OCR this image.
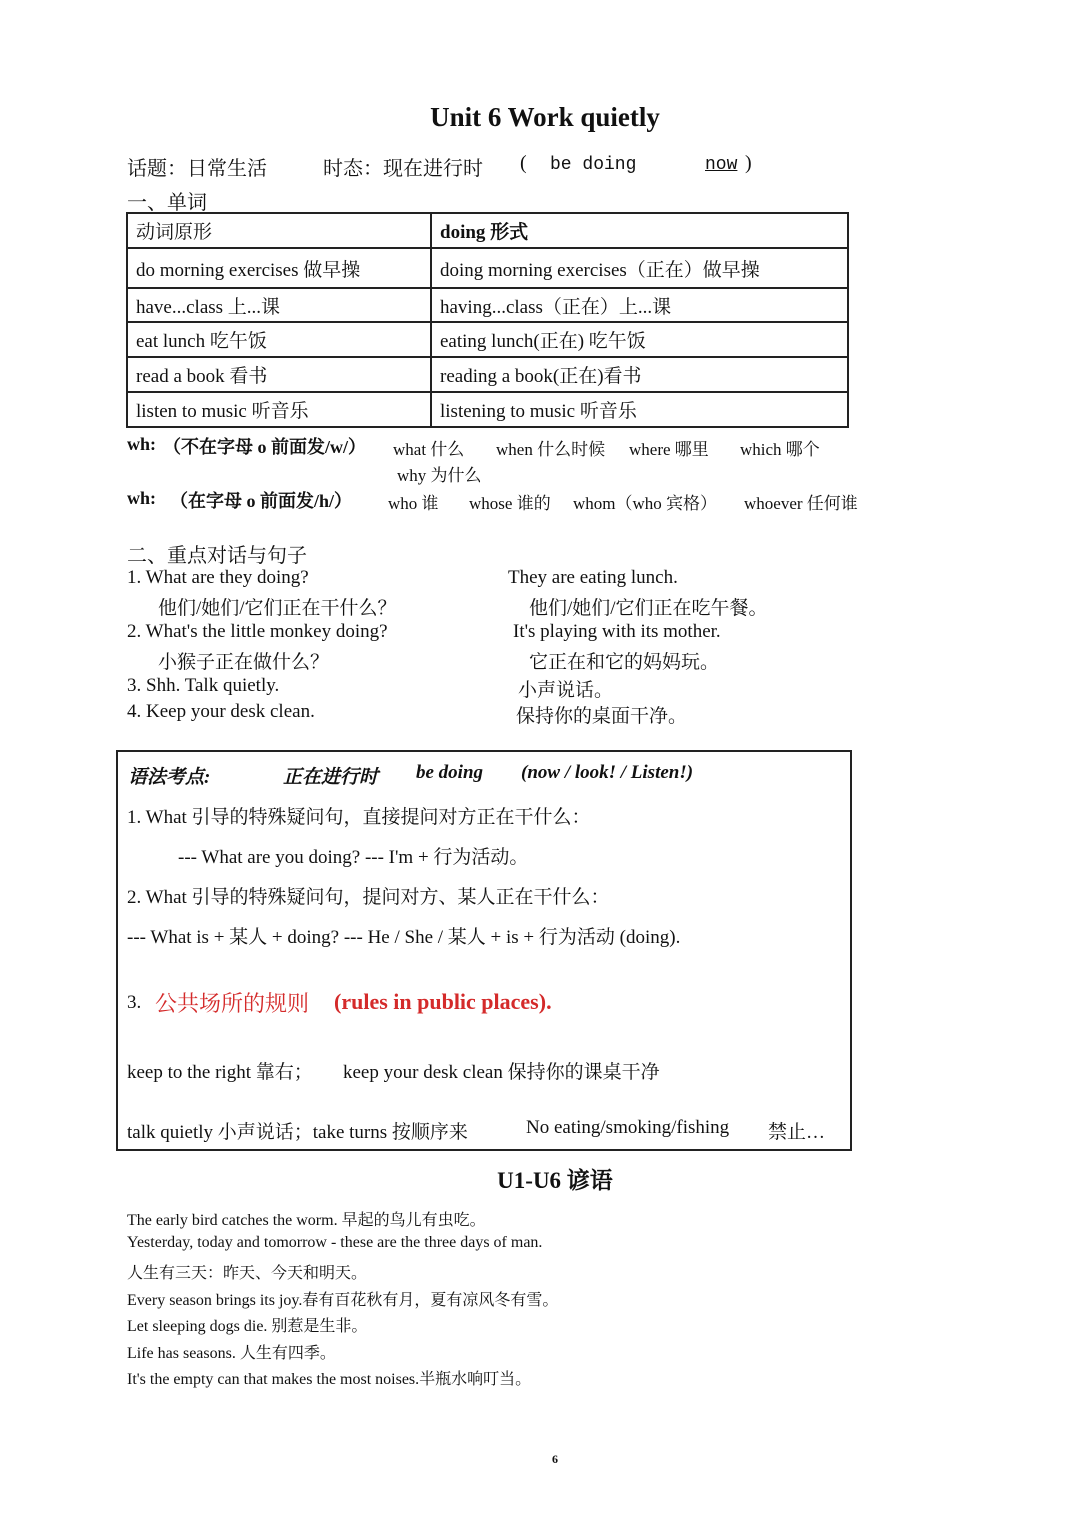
Unit 6 Work quietly
话题：日常生活	时态：现在进行时 ( be doing	now )
一、单词
动词原形	doing 形式
do morning exercises 做早操	doing morning exercises（正在）做早操
have...class 上...课	having...class（正在）上...课
eat lunch 吃午饭	eating lunch(正在) 吃午饭
read a book 看书	reading a book(正在)看书
listen to music 听音乐	listening to music 听音乐
wh: （不在字母 o 前面发/w/） what 什么 when 什么时候 where 哪里 which 哪个
why 为什么
wh: （在字母 o 前面发/h/） who 谁 whose 谁的 whom（who 宾格） whoever 任何谁
二、重点对话与句子
1. What are they doing?
他们/她们/它们正在干什么？
They are eating lunch.
他们/她们/它们正在吃午餐。
2. What's the little monkey doing?
小猴子正在做什么？
It's playing with its mother.
它正在和它的妈妈玩。
3. Shh. Talk quietly.	小声说话。
4. Keep your desk clean.	保持你的桌面干净。
语法考点:	正在进行时 be doing (now / look! / Listen!)
1. What 引导的特殊疑问句，直接提问对方正在干什么：
--- What are you doing? --- I'm + 行为活动。
2. What 引导的特殊疑问句，提问对方、某人正在干什么：
--- What is + 某人 + doing? --- He / She / 某人 + is + 行为活动 (doing).
3. 公共场所的规则 (rules in public places).
keep to the right 靠右； keep your desk clean 保持你的课桌干净
talk quietly 小声说话；take turns 按顺序来	No eating/smoking/fishing 禁止…
U1-U6 谚语
The early bird catches the worm. 早起的鸟儿有虫吃。
Yesterday, today and tomorrow - these are the three days of man.
人生有三天：昨天、今天和明天。
Every season brings its joy.春有百花秋有月，夏有凉风冬有雪。
Let sleeping dogs die. 别惹是生非。
Life has seasons. 人生有四季。
It's the empty can that makes the most noises.半瓶水响叮当。
6
